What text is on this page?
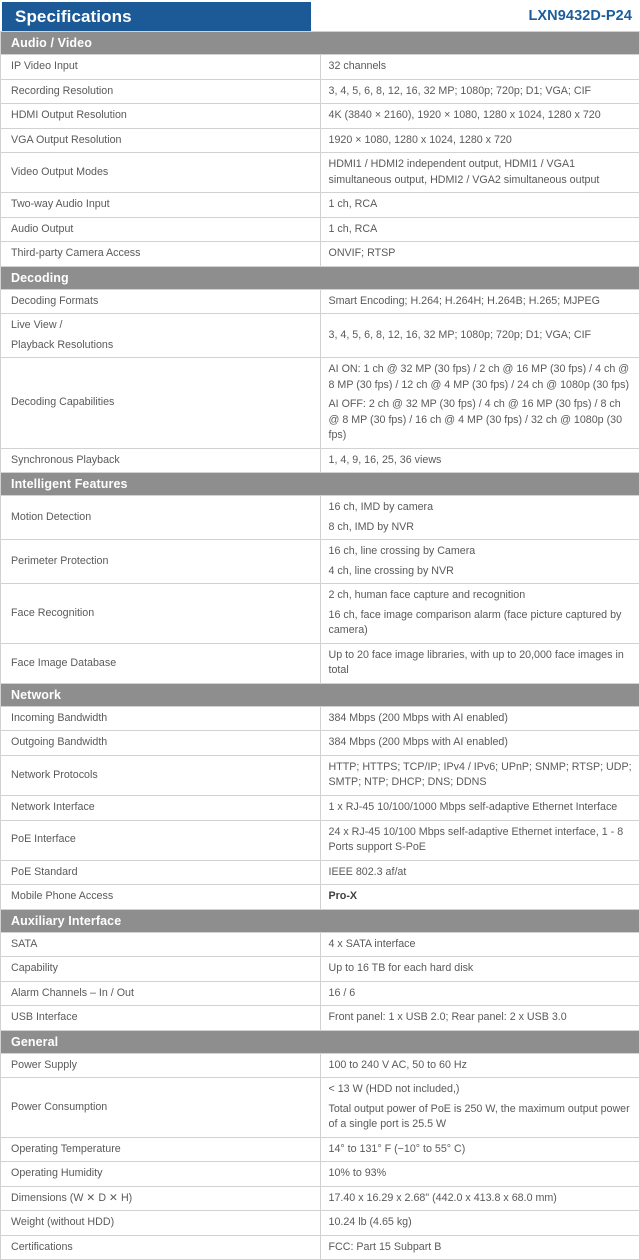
Specifications	LXN9432D-P24
Audio / Video	
IP Video Input	32 channels

Recording Resolution	3, 4, 5, 6, 8, 12, 16, 32 MP; 1080p; 720p; D1; VGA; CIF

HDMI Output Resolution	4K (3840 × 2160), 1920 × 1080, 1280 x 1024, 1280 x 720

VGA Output Resolution	1920 × 1080, 1280 x 1024, 1280 x 720

Video Output Modes	HDMI1 / HDMI2 independent output, HDMI1 / VGA1 simultaneous output, HDMI2 / VGA2 simultaneous output

Two-way Audio Input	1 ch, RCA

Audio Output	1 ch, RCA

Third-party Camera Access	ONVIF; RTSP

Decoding	
Decoding Formats	Smart Encoding; H.264; H.264H; H.264B; H.265; MJPEG

Live View /
Playback Resolutions	3, 4, 5, 6, 8, 12, 16, 32 MP; 1080p; 720p; D1; VGA; CIF

Decoding Capabilities	AI ON: 1 ch @ 32 MP (30 fps) / 2 ch @ 16 MP (30 fps) / 4 ch @ 8 MP (30 fps) / 12 ch @ 4 MP (30 fps) / 24 ch @ 1080p (30 fps)
AI OFF: 2 ch @ 32 MP (30 fps) / 4 ch @ 16 MP (30 fps) / 8 ch @ 8 MP (30 fps) / 16 ch @ 4 MP (30 fps) / 32 ch @ 1080p (30 fps)

Synchronous Playback	1, 4, 9, 16, 25, 36 views

Intelligent Features	
Motion Detection	16 ch, IMD by camera
8 ch, IMD by NVR

Perimeter Protection	16 ch, line crossing by Camera
4 ch, line crossing by NVR

Face Recognition	2 ch, human face capture and recognition
16 ch, face image comparison alarm (face picture captured by camera)

Face Image Database	Up to 20 face image libraries, with up to 20,000 face images in total

Network	
Incoming Bandwidth	384 Mbps (200 Mbps with AI enabled)

Outgoing Bandwidth	384 Mbps (200 Mbps with AI enabled)

Network Protocols	HTTP; HTTPS; TCP/IP; IPv4 / IPv6; UPnP; SNMP; RTSP; UDP; SMTP; NTP; DHCP; DNS; DDNS

Network Interface	1 x RJ-45 10/100/1000 Mbps self-adaptive Ethernet Interface

PoE Interface	24 x RJ-45 10/100 Mbps self-adaptive Ethernet interface, 1 - 8 Ports support S-PoE

PoE Standard	IEEE 802.3 af/at

Mobile Phone Access	Pro-X

Auxiliary Interface	
SATA	4 x SATA interface

Capability	Up to 16 TB for each hard disk

Alarm Channels – In / Out	16 / 6

USB Interface	Front panel: 1 x USB 2.0; Rear panel: 2 x USB 3.0

General	
Power Supply	100 to 240 V AC, 50 to 60 Hz

Power Consumption	< 13 W (HDD not included,)
Total output power of PoE is 250 W, the maximum output power of a single port is 25.5 W

Operating Temperature	14° to 131° F (−10° to 55° C)

Operating Humidity	10% to 93%

Dimensions (W ✕ D ✕ H)	17.40 x 16.29 x 2.68" (442.0 x 413.8 x 68.0 mm)

Weight (without HDD)	10.24 lb (4.65 kg)

Certifications	FCC: Part 15 Subpart B
